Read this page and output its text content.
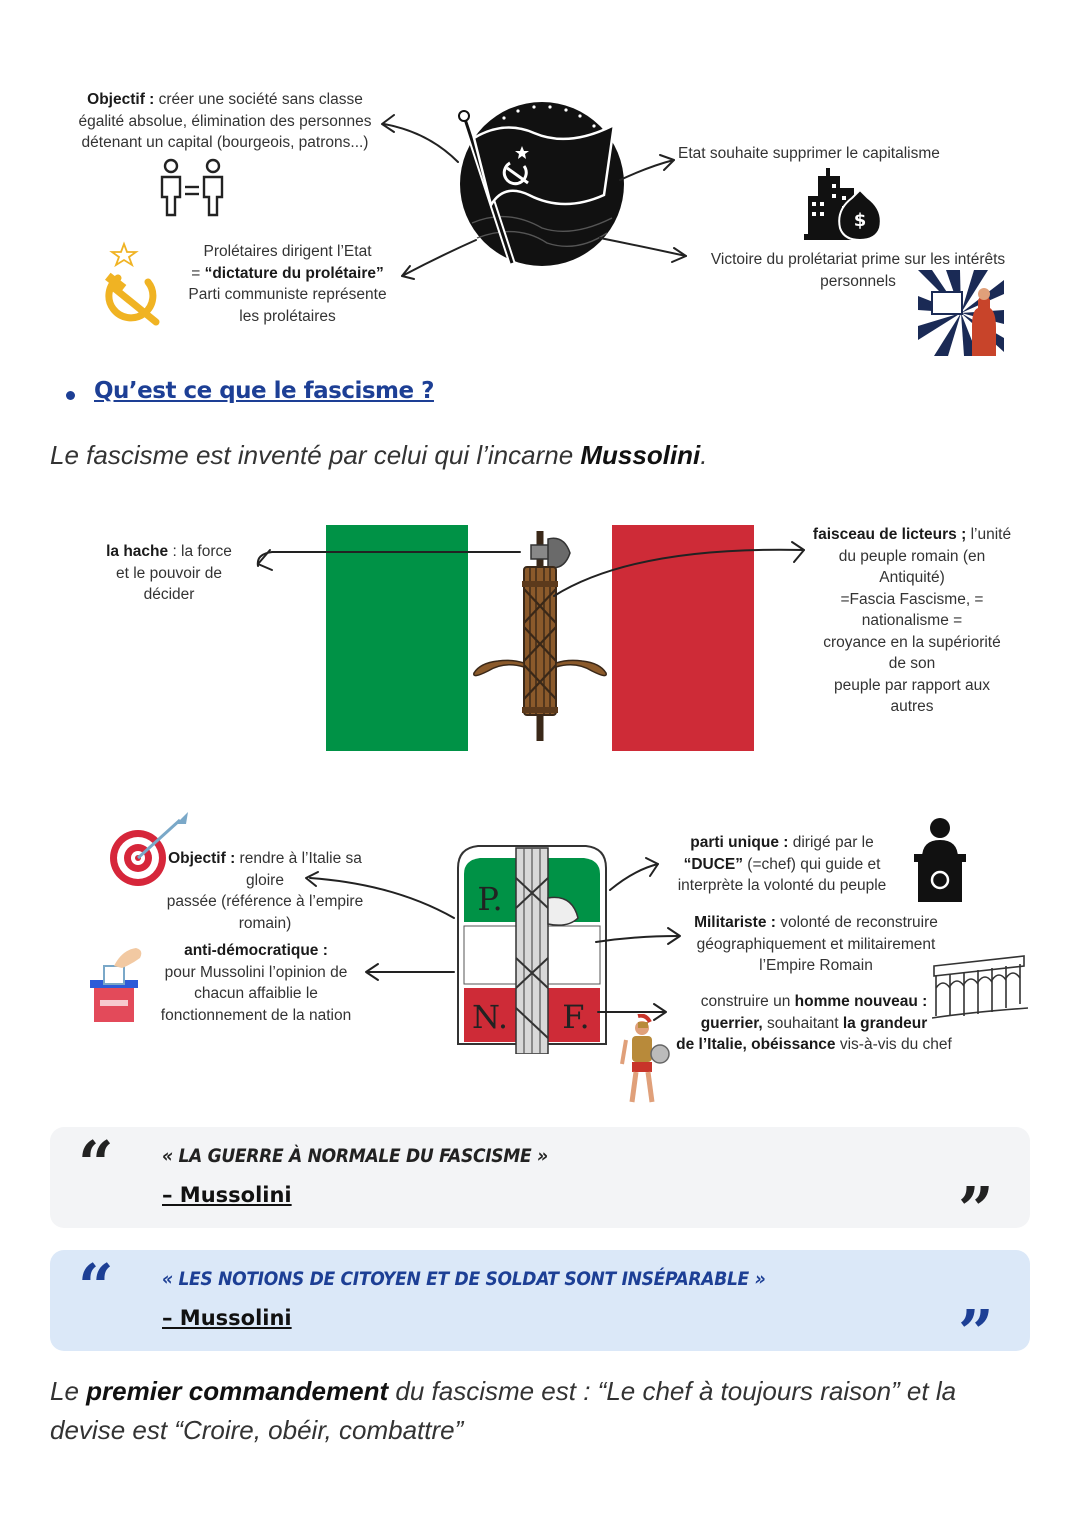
Objectif : créer une société sans classe
égalité absolue, élimination des personnes
détenant un capital (bourgeois, patrons...)
Prolétaires dirigent l’Etat
= “dictature du prolétaire”
Parti communiste représente
les prolétaires
Etat souhaite supprimer le capitalisme
$
Victoire du prolétariat prime sur les intérêts
personnels
Qu’est ce que le fascisme ?
Le fascisme est inventé par celui qui l’incarne Mussolini.
la hache : la force
et le pouvoir de
décider
faisceau de licteurs ; l’unité
du peuple romain (en
Antiquité)
=Fascia Fascisme, =
nationalisme =
croyance en la supériorité
de son
peuple par rapport aux
autres
Objectif : rendre à l’Italie sa
gloire
passée (référence à l’empire
romain)
anti-démocratique :
pour Mussolini l’opinion de
chacun affaiblie le
fonctionnement de la nation
P.
N. F.
parti unique : dirigé par le
“DUCE” (=chef) qui guide et
interprète la volonté du peuple
Militariste : volonté de reconstruire
géographiquement et militairement
l’Empire Romain
construire un homme nouveau :
guerrier, souhaitant la grandeur
de l’Italie, obéissance vis-à-vis du chef
“	« LA GUERRE À NORMALE DU FASCISME »
– Mussolini	”
“	« LES NOTIONS DE CITOYEN ET DE SOLDAT SONT INSÉPARABLE »
– Mussolini	”
Le premier commandement du fascisme est : “Le chef à toujours raison” et la
devise est “Croire, obéir, combattre”
